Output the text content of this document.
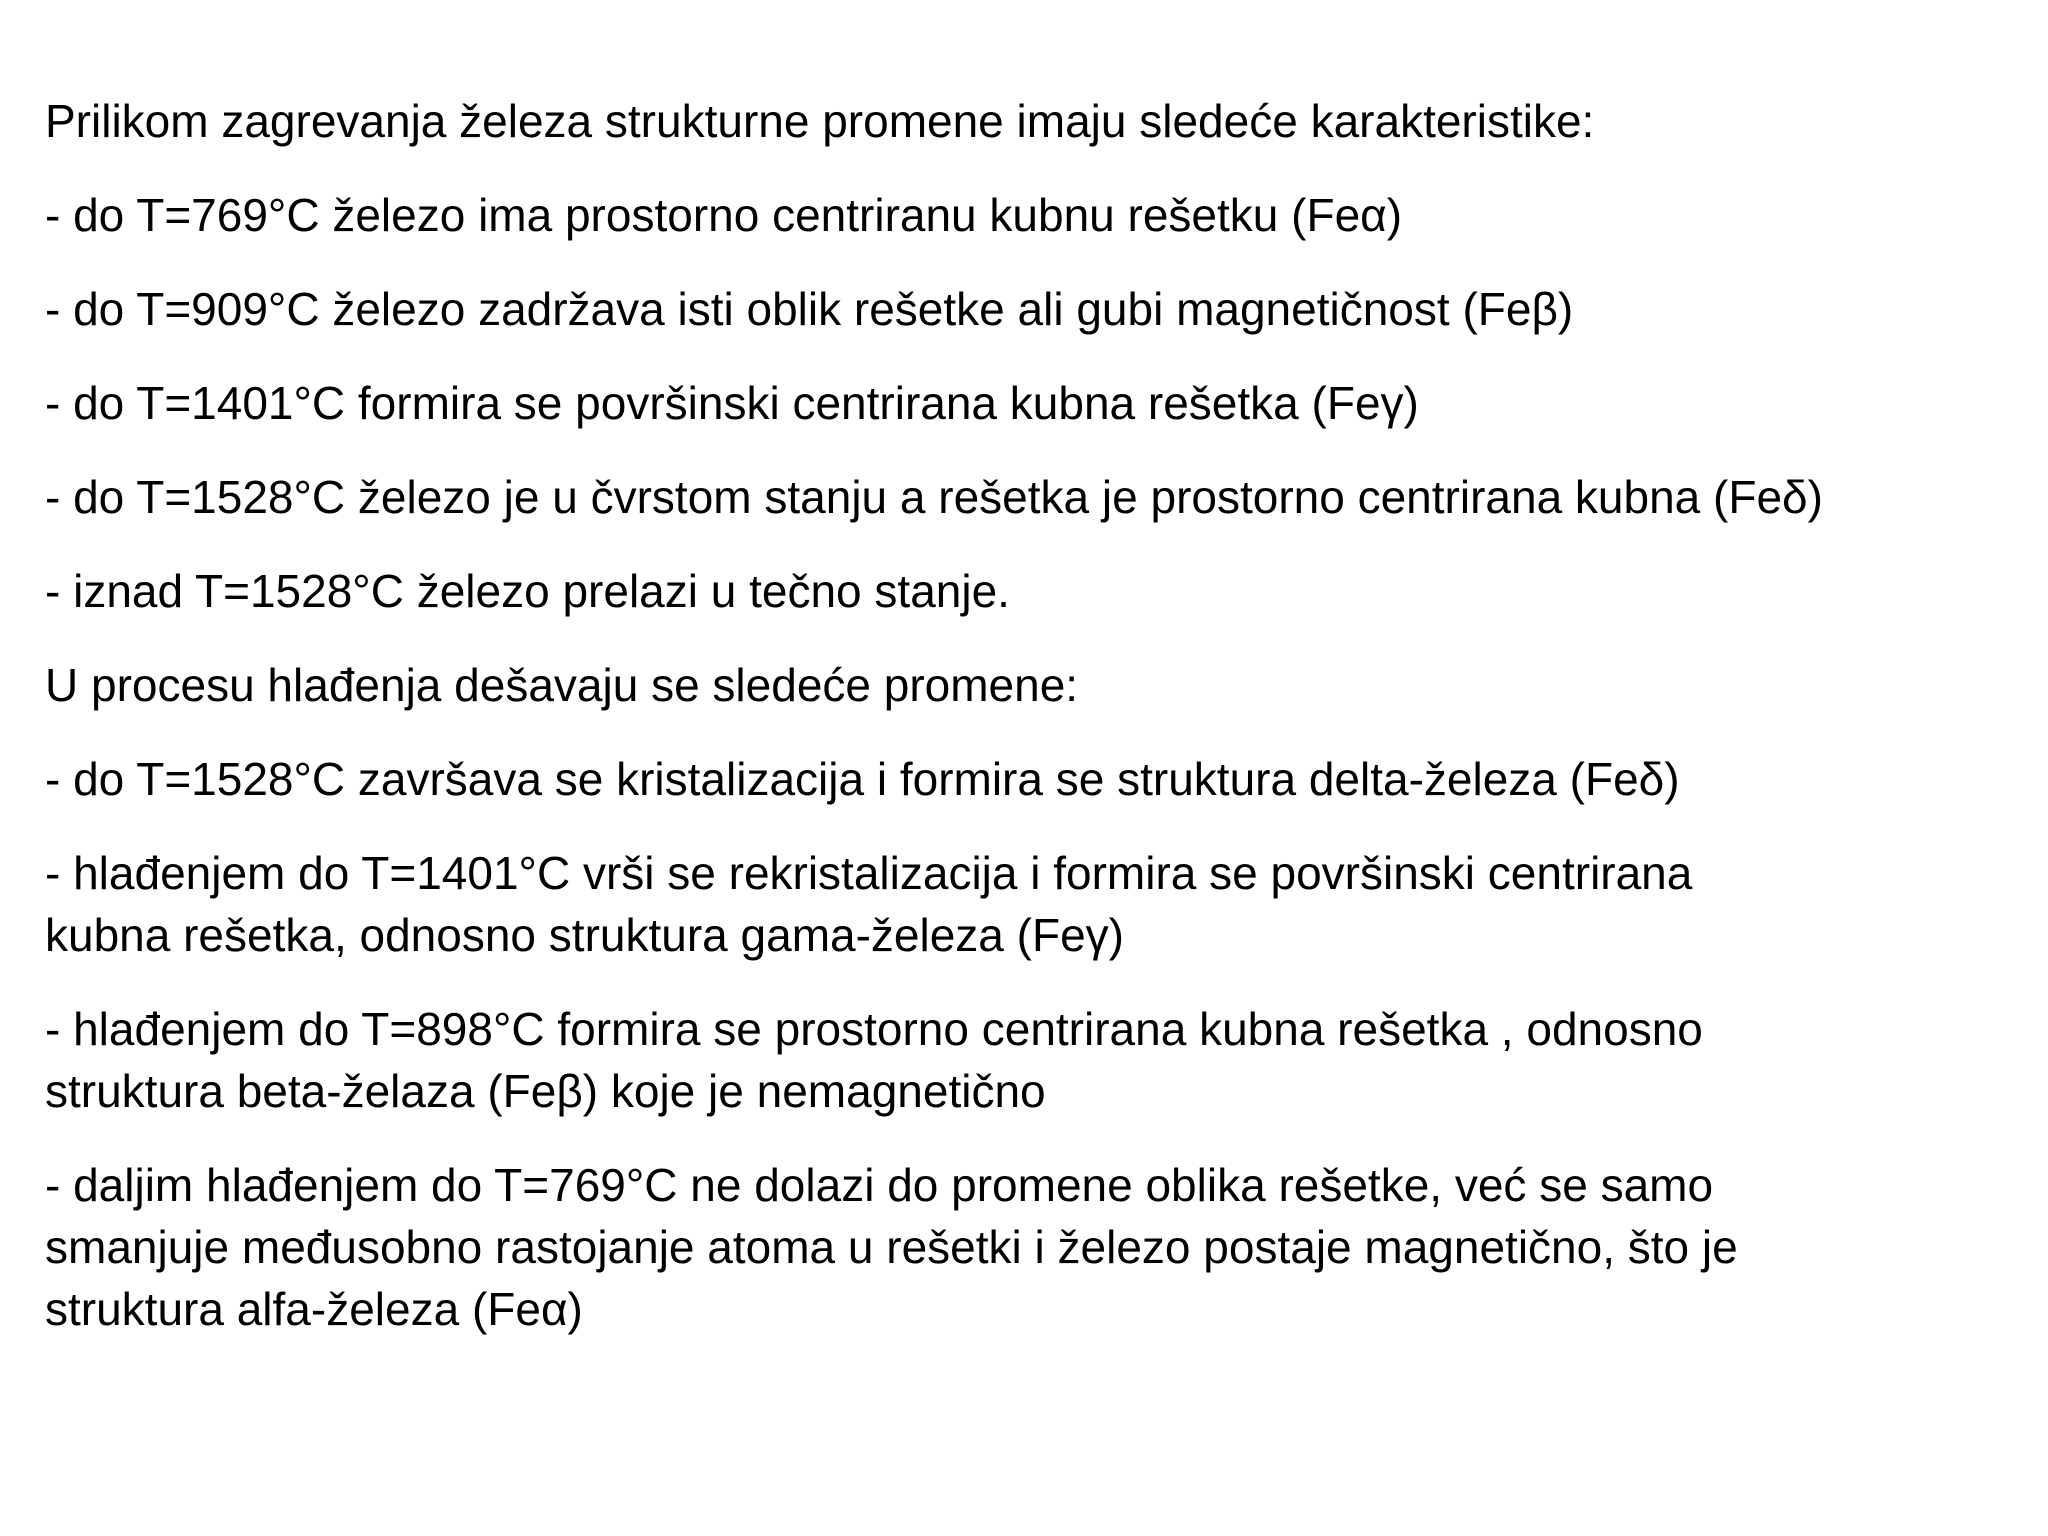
Prilikom zagrevanja železa strukturne promene imaju sledeće karakteristike:
- do T=769°C železo ima prostorno centriranu kubnu rešetku (Feα)
- do T=909°C železo zadržava isti oblik rešetke ali gubi magnetičnost (Feβ)
- do T=1401°C formira se površinski centrirana kubna rešetka (Feγ)
- do T=1528°C železo je u čvrstom stanju a rešetka je prostorno centrirana kubna (Feδ)
- iznad T=1528°C železo prelazi u tečno stanje.
U procesu hlađenja dešavaju se sledeće promene:
- do T=1528°C završava se kristalizacija i formira se struktura delta-železa (Feδ)
- hlađenjem do T=1401°C vrši se rekristalizacija i formira se površinski centrirana
kubna rešetka, odnosno struktura gama-železa (Feγ)
- hlađenjem do T=898°C formira se prostorno centrirana kubna rešetka , odnosno
struktura beta-želaza (Feβ) koje je nemagnetično
- daljim hlađenjem do T=769°C ne dolazi do promene oblika rešetke, već se samo
smanjuje međusobno rastojanje atoma u rešetki i železo postaje magnetično, što je
struktura alfa-železa (Feα)
